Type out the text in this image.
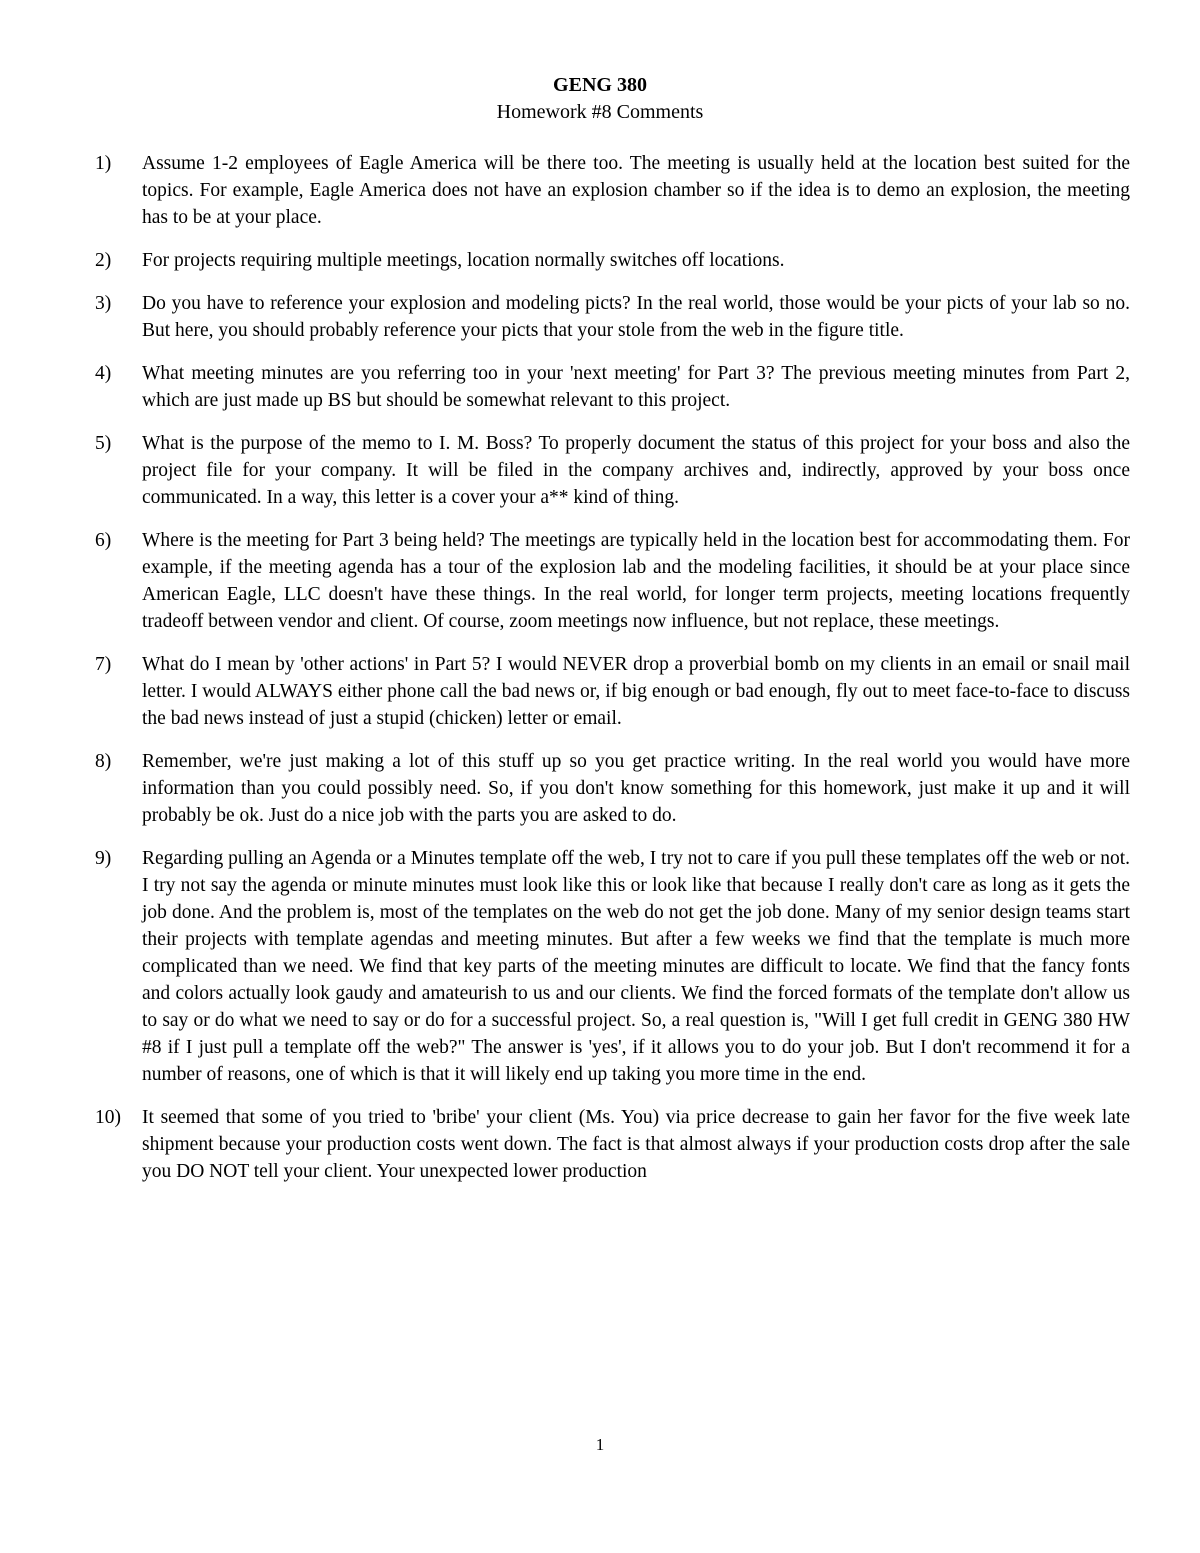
GENG 380
Homework #8 Comments
1) Assume 1-2 employees of Eagle America will be there too. The meeting is usually held at the location best suited for the topics. For example, Eagle America does not have an explosion chamber so if the idea is to demo an explosion, the meeting has to be at your place.
2) For projects requiring multiple meetings, location normally switches off locations.
3) Do you have to reference your explosion and modeling picts? In the real world, those would be your picts of your lab so no. But here, you should probably reference your picts that your stole from the web in the figure title.
4) What meeting minutes are you referring too in your 'next meeting' for Part 3? The previous meeting minutes from Part 2, which are just made up BS but should be somewhat relevant to this project.
5) What is the purpose of the memo to I. M. Boss? To properly document the status of this project for your boss and also the project file for your company. It will be filed in the company archives and, indirectly, approved by your boss once communicated. In a way, this letter is a cover your a** kind of thing.
6) Where is the meeting for Part 3 being held? The meetings are typically held in the location best for accommodating them. For example, if the meeting agenda has a tour of the explosion lab and the modeling facilities, it should be at your place since American Eagle, LLC doesn't have these things. In the real world, for longer term projects, meeting locations frequently tradeoff between vendor and client. Of course, zoom meetings now influence, but not replace, these meetings.
7) What do I mean by 'other actions' in Part 5? I would NEVER drop a proverbial bomb on my clients in an email or snail mail letter. I would ALWAYS either phone call the bad news or, if big enough or bad enough, fly out to meet face-to-face to discuss the bad news instead of just a stupid (chicken) letter or email.
8) Remember, we're just making a lot of this stuff up so you get practice writing. In the real world you would have more information than you could possibly need. So, if you don't know something for this homework, just make it up and it will probably be ok. Just do a nice job with the parts you are asked to do.
9) Regarding pulling an Agenda or a Minutes template off the web, I try not to care if you pull these templates off the web or not. I try not say the agenda or minute minutes must look like this or look like that because I really don't care as long as it gets the job done. And the problem is, most of the templates on the web do not get the job done. Many of my senior design teams start their projects with template agendas and meeting minutes. But after a few weeks we find that the template is much more complicated than we need. We find that key parts of the meeting minutes are difficult to locate. We find that the fancy fonts and colors actually look gaudy and amateurish to us and our clients. We find the forced formats of the template don't allow us to say or do what we need to say or do for a successful project. So, a real question is, "Will I get full credit in GENG 380 HW #8 if I just pull a template off the web?" The answer is 'yes', if it allows you to do your job. But I don't recommend it for a number of reasons, one of which is that it will likely end up taking you more time in the end.
10) It seemed that some of you tried to 'bribe' your client (Ms. You) via price decrease to gain her favor for the five week late shipment because your production costs went down. The fact is that almost always if your production costs drop after the sale you DO NOT tell your client. Your unexpected lower production
1
